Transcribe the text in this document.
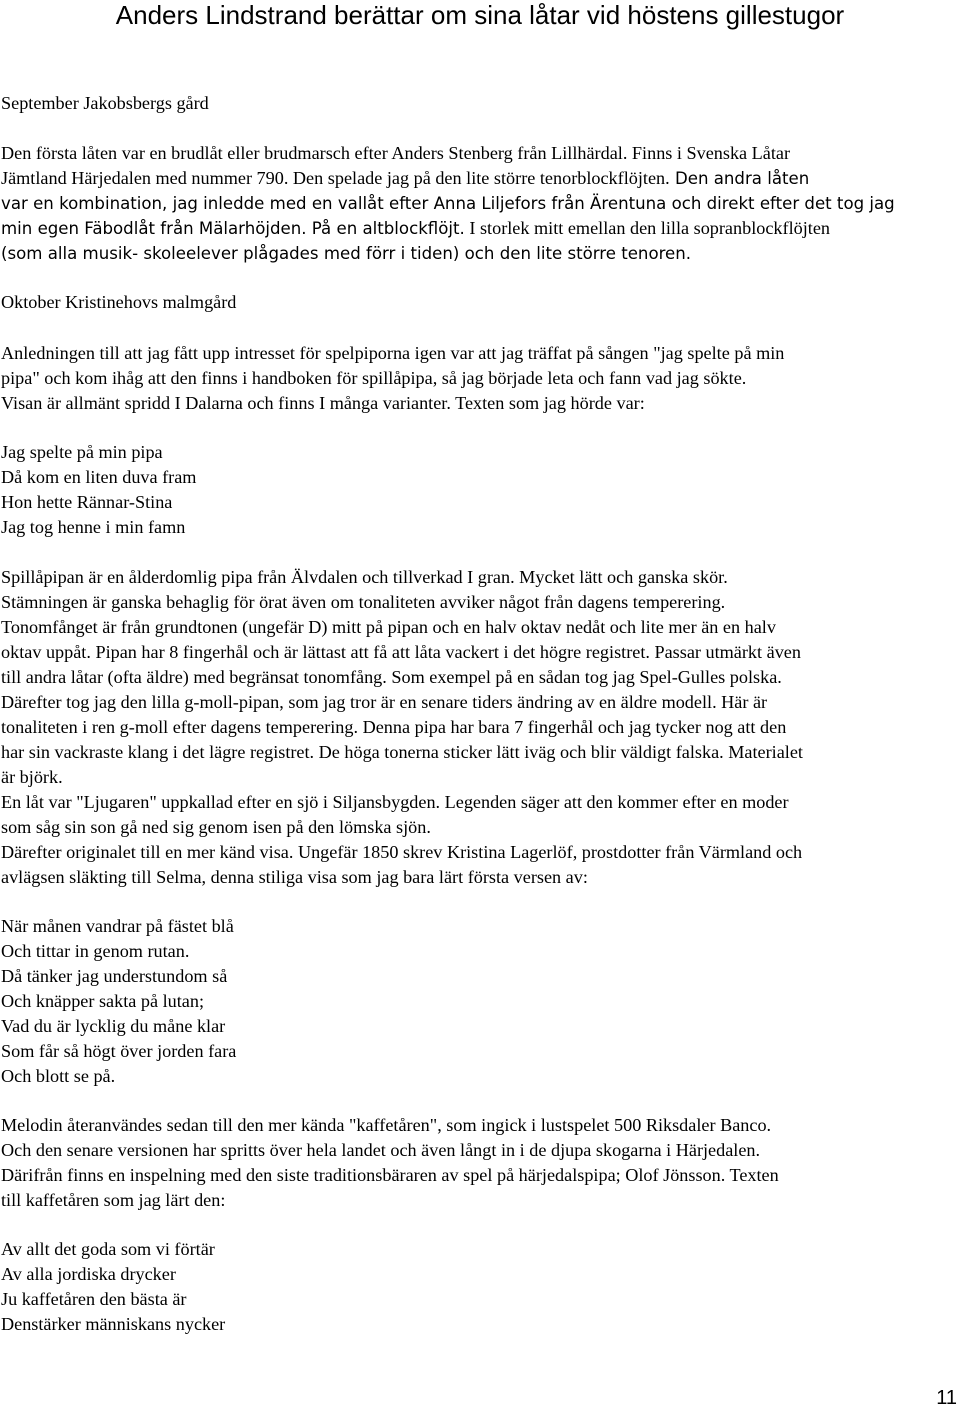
Anders Lindstrand berättar om sina låtar vid höstens gillestugor

September Jakobsbergs gård

Den första låten var en brudlåt eller brudmarsch efter Anders Stenberg från Lillhärdal. Finns i Svenska Låtar
Jämtland Härjedalen med nummer 790. Den spelade jag på den lite större tenorblockflöjten. Den andra låten
var en kombination, jag inledde med en vallåt efter Anna Liljefors från Ärentuna och direkt efter det tog jag
min egen Fäbodlåt från Mälarhöjden. På en altblockflöjt. I storlek mitt emellan den lilla sopranblockflöjten
(som alla musik- skoleelever plågades med förr i tiden) och den lite större tenoren.

Oktober Kristinehovs malmgård

Anledningen till att jag fått upp intresset för spelpiporna igen var att jag träffat på sången "jag spelte på min
pipa" och kom ihåg att den finns i handboken för spillåpipa, så jag började leta och fann vad jag sökte.
Visan är allmänt spridd I Dalarna och finns I många varianter. Texten som jag hörde var:
Jag spelte på min pipa
Då kom en liten duva fram
Hon hette Rännar-Stina
Jag tog henne i min famn
Spillåpipan är en ålderdomlig pipa från Älvdalen och tillverkad I gran. Mycket lätt och ganska skör.
Stämningen är ganska behaglig för örat även om tonaliteten avviker något från dagens temperering.
Tonomfånget är från grundtonen (ungefär D) mitt på pipan och en halv oktav nedåt och lite mer än en halv
oktav uppåt. Pipan har 8 fingerhål och är lättast att få att låta vackert i det högre registret. Passar utmärkt även
till andra låtar (ofta äldre) med begränsat tonomfång. Som exempel på en sådan tog jag Spel-Gulles polska.
Därefter tog jag den lilla g-moll-pipan, som jag tror är en senare tiders ändring av en äldre modell. Här är
tonaliteten i ren g-moll efter dagens temperering. Denna pipa har bara 7 fingerhål och jag tycker nog att den
har sin vackraste klang i det lägre registret. De höga tonerna sticker lätt iväg och blir väldigt falska. Materialet
är björk.
En låt var "Ljugaren" uppkallad efter en sjö i Siljansbygden. Legenden säger att den kommer efter en moder
som såg sin son gå ned sig genom isen på den lömska sjön.
Därefter originalet till en mer känd visa. Ungefär 1850 skrev Kristina Lagerlöf, prostdotter från Värmland och
avlägsen släkting till Selma, denna stiliga visa som jag bara lärt första versen av:
När månen vandrar på fästet blå
Och tittar in genom rutan.
Då tänker jag understundom så
Och knäpper sakta på lutan;
Vad du är lycklig du måne klar
Som får så högt över jorden fara
Och blott se på.
Melodin återanvändes sedan till den mer kända "kaffetåren", som ingick i lustspelet 500 Riksdaler Banco.
Och den senare versionen har spritts över hela landet och även långt in i de djupa skogarna i Härjedalen.
Därifrån finns en inspelning med den siste traditionsbäraren av spel på härjedalspipa; Olof Jönsson. Texten
till kaffetåren som jag lärt den:
Av allt det goda som vi förtär
Av alla jordiska drycker
Ju kaffetåren den bästa är
Denstärker människans nycker
11
